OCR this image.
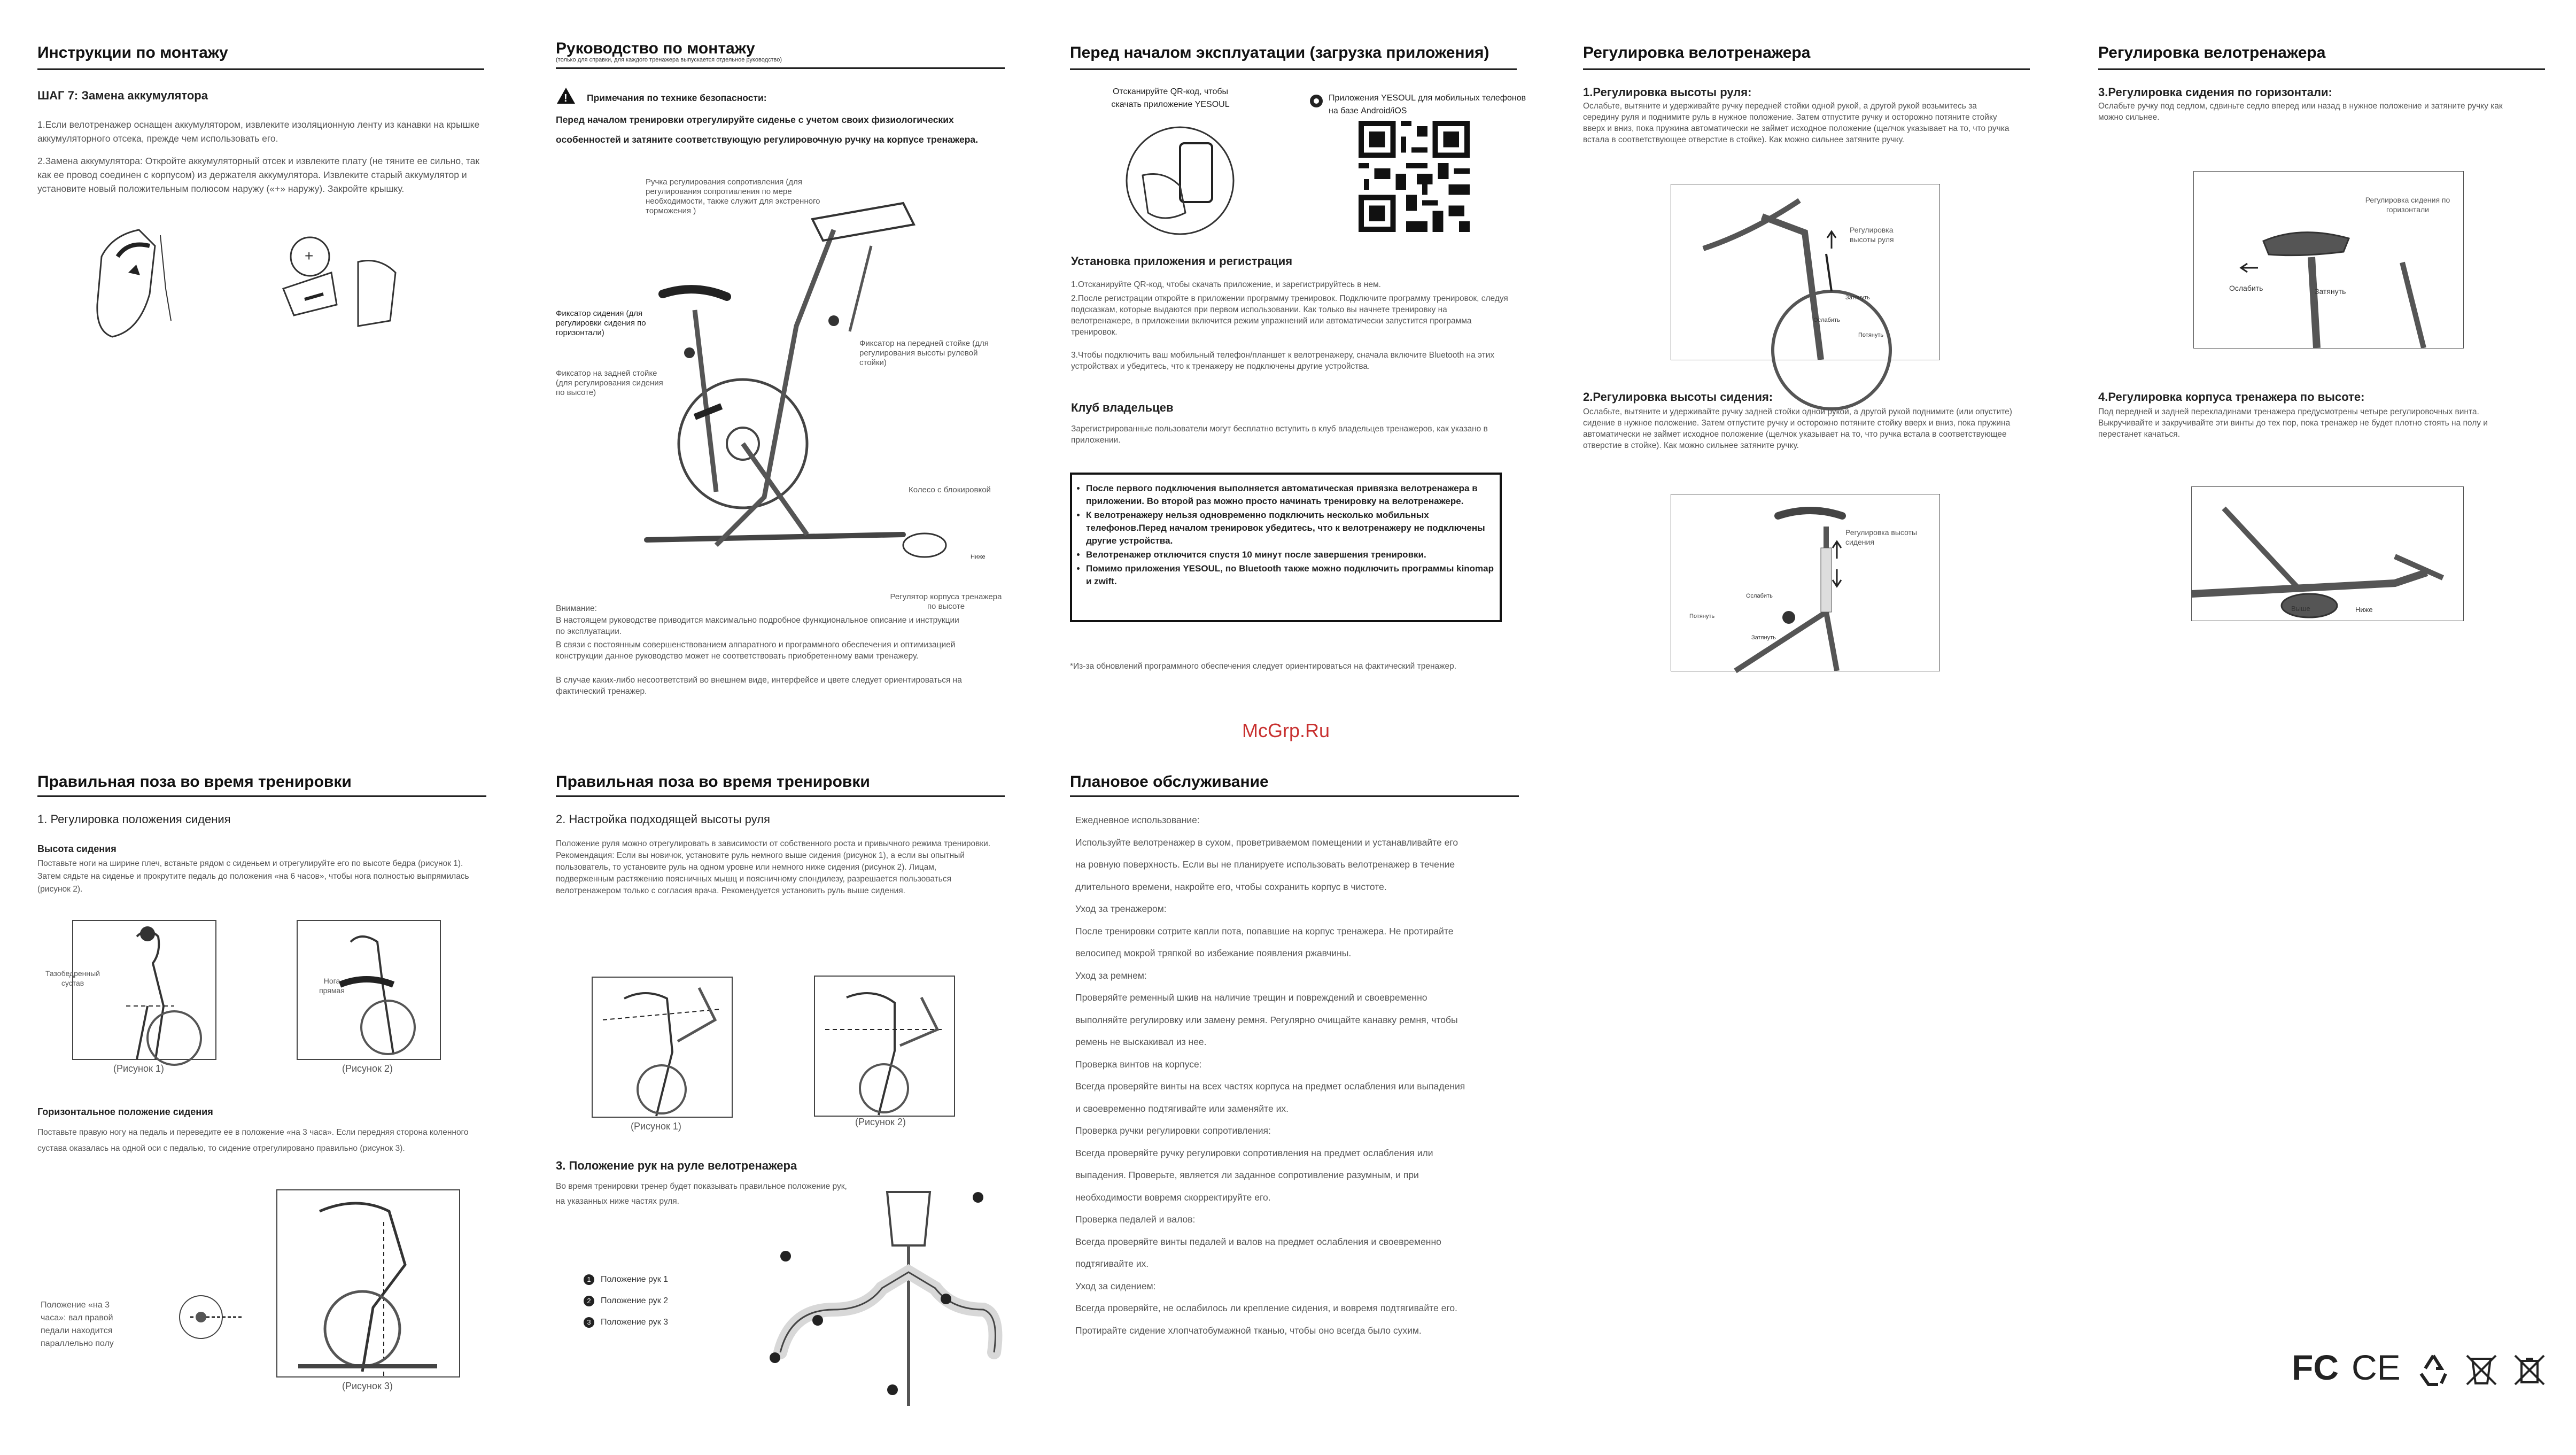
Инструкции по монтажу
ШАГ 7: Замена аккумулятора
1.Если велотренажер оснащен аккумулятором, извлеките изоляционную ленту из канавки на крышке аккумуляторного отсека, прежде чем использовать его.
2.Замена аккумулятора: Откройте аккумуляторный отсек и извлеките плату (не тяните ее сильно, так как ее провод соединен с корпусом) из держателя аккумулятора. Извлеките старый аккумулятор и установите новый положительным полюсом наружу («+» наружу). Закройте крышку.
+
Руководство по монтажу
(только для справки, для каждого тренажера выпускается отдельное руководство)
! Примечания по технике безопасности:
Перед началом тренировки отрегулируйте сиденье с учетом своих физиологических особенностей и затяните соответствующую регулировочную ручку на корпусе тренажера.
Ручка регулирования сопротивления (для регулирования сопротивления по мере необходимости, также служит для экстренного торможения )
Фиксатор сидения (для регулировки сидения по горизонтали)
Фиксатор на передней стойке (для регулирования высоты рулевой стойки)
Фиксатор на задней стойке (для регулирования сидения по высоте)
Колесо с блокировкой
Регулятор корпуса тренажера по высоте
Ниже
Внимание:
В настоящем руководстве приводится максимально подробное функциональное описание и инструкции по эксплуатации.
В связи с постоянным совершенствованием аппаратного и программного обеспечения и оптимизацией конструкции данное руководство может не соответствовать приобретенному вами тренажеру.
В случае каких-либо несоответствий во внешнем виде, интерфейсе и цвете следует ориентироваться на фактический тренажер.
Перед началом эксплуатации (загрузка приложения)
Отсканируйте QR-код, чтобы скачать приложение YESOUL
Приложения YESOUL для мобильных телефонов на базе Android/iOS
Установка приложения и регистрация
1.Отсканируйте QR-код, чтобы скачать приложение, и зарегистрируйтесь в нем.
2.После регистрации откройте в приложении программу тренировок. Подключите программу тренировок, следуя подсказкам, которые выдаются при первом использовании. Как только вы начнете тренировку на велотренажере, в приложении включится режим упражнений или автоматически запустится программа тренировок.
3.Чтобы подключить ваш мобильный телефон/планшет к велотренажеру, сначала включите Bluetooth на этих устройствах и убедитесь, что к тренажеру не подключены другие устройства.
Клуб владельцев
Зарегистрированные пользователи могут бесплатно вступить в клуб владельцев тренажеров, как указано в приложении.
• После первого подключения выполняется автоматическая привязка велотренажера в приложении. Во второй раз можно просто начинать тренировку на велотренажере.
• К велотренажеру нельзя одновременно подключить несколько мобильных телефонов.Перед началом тренировок убедитесь, что к велотренажеру не подключены другие устройства.
• Велотренажер отключится спустя 10 минут после завершения тренировки.
• Помимо приложения YESOUL, по Bluetooth также можно подключить программы kinomap и zwift.
*Из-за обновлений программного обеспечения следует ориентироваться на фактический тренажер.
Регулировка велотренажера
1.Регулировка высоты руля:
Ослабьте, вытяните и удерживайте ручку передней стойки одной рукой, а другой рукой возьмитесь за середину руля и поднимите руль в нужное положение. Затем отпустите ручку и осторожно потяните стойку вверх и вниз, пока пружина автоматически не займет исходное положение (щелчок указывает на то, что ручка встала в соответствующее отверстие в стойке). Как можно сильнее затяните ручку.
Регулировка высоты руля
Затянуть
Ослабить
Потянуть
2.Регулировка высоты сидения:
Ослабьте, вытяните и удерживайте ручку задней стойки одной рукой, а другой рукой поднимите (или опустите) сидение в нужное положение. Затем отпустите ручку и осторожно потяните стойку вверх и вниз, пока пружина автоматически не займет исходное положение (щелчок указывает на то, что ручка встала в соответствующее отверстие в стойке). Как можно сильнее затяните ручку.
Регулировка высоты сидения
Ослабить
Потянуть
Затянуть
Регулировка велотренажера
3.Регулировка сидения по горизонтали:
Ослабьте ручку под седлом, сдвиньте седло вперед или назад в нужное положение и затяните ручку как можно сильнее.
Регулировка сидения по горизонтали
Ослабить	Затянуть
4.Регулировка корпуса тренажера по высоте:
Под передней и задней перекладинами тренажера предусмотрены четыре регулировочных винта. Выкручивайте и закручивайте эти винты до тех пор, пока тренажер не будет плотно стоять на полу и перестанет качаться.
Выше	Ниже
McGrp.Ru
Правильная поза во время тренировки
1. Регулировка положения сидения
Высота сидения
Поставьте ноги на ширине плеч, встаньте рядом с сиденьем и отрегулируйте его по высоте бедра (рисунок 1). Затем сядьте на сиденье и прокрутите педаль до положения «на 6 часов», чтобы нога полностью выпрямилась (рисунок 2).
Тазобедренный сустав
(Рисунок 1)
Нога прямая
(Рисунок 2)
Горизонтальное положение сидения
Поставьте правую ногу на педаль и переведите ее в положение «на 3 часа». Если передняя сторона коленного сустава оказалась на одной оси с педалью, то сидение отрегулировано правильно (рисунок 3).
Положение «на 3 часа»: вал правой педали находится параллельно полу
(Рисунок 3)
Правильная поза во время тренировки
2. Настройка подходящей высоты руля
Положение руля можно отрегулировать в зависимости от собственного роста и привычного режима тренировки. Рекомендация: Если вы новичок, установите руль немного выше сидения (рисунок 1), а если вы опытный пользователь, то установите руль на одном уровне или немного ниже сидения (рисунок 2). Лицам, подверженным растяжению поясничных мышц и поясничному спондилезу, разрешается пользоваться велотренажером только с согласия врача. Рекомендуется установить руль выше сидения.
(Рисунок 1)	(Рисунок 2)
3. Положение рук на руле велотренажера
Во время тренировки тренер будет показывать правильное положение рук, на указанных ниже частях руля.
1 Положение рук 1
2 Положение рук 2
3 Положение рук 3
Плановое обслуживание
Ежедневное использование:
Используйте велотренажер в сухом, проветриваемом помещении и устанавливайте его
на ровную поверхность. Если вы не планируете использовать велотренажер в течение
длительного времени, накройте его, чтобы сохранить корпус в чистоте.
Уход за тренажером:
После тренировки сотрите капли пота, попавшие на корпус тренажера. Не протирайте
велосипед мокрой тряпкой во избежание появления ржавчины.
Уход за ремнем:
Проверяйте ременный шкив на наличие трещин и повреждений и своевременно
выполняйте регулировку или замену ремня. Регулярно очищайте канавку ремня, чтобы
ремень не выскакивал из нее.
Проверка винтов на корпусе:
Всегда проверяйте винты на всех частях корпуса на предмет ослабления или выпадения
и своевременно подтягивайте или заменяйте их.
Проверка ручки регулировки сопротивления:
Всегда проверяйте ручку регулировки сопротивления на предмет ослабления или
выпадения. Проверьте, является ли заданное сопротивление разумным, и при
необходимости вовремя скорректируйте его.
Проверка педалей и валов:
Всегда проверяйте винты педалей и валов на предмет ослабления и своевременно
подтягивайте их.
Уход за сидением:
Всегда проверяйте, не ослабилось ли крепление сидения, и вовремя подтягивайте его.
Протирайте сидение хлопчатобумажной тканью, чтобы оно всегда было сухим.
FC CE
